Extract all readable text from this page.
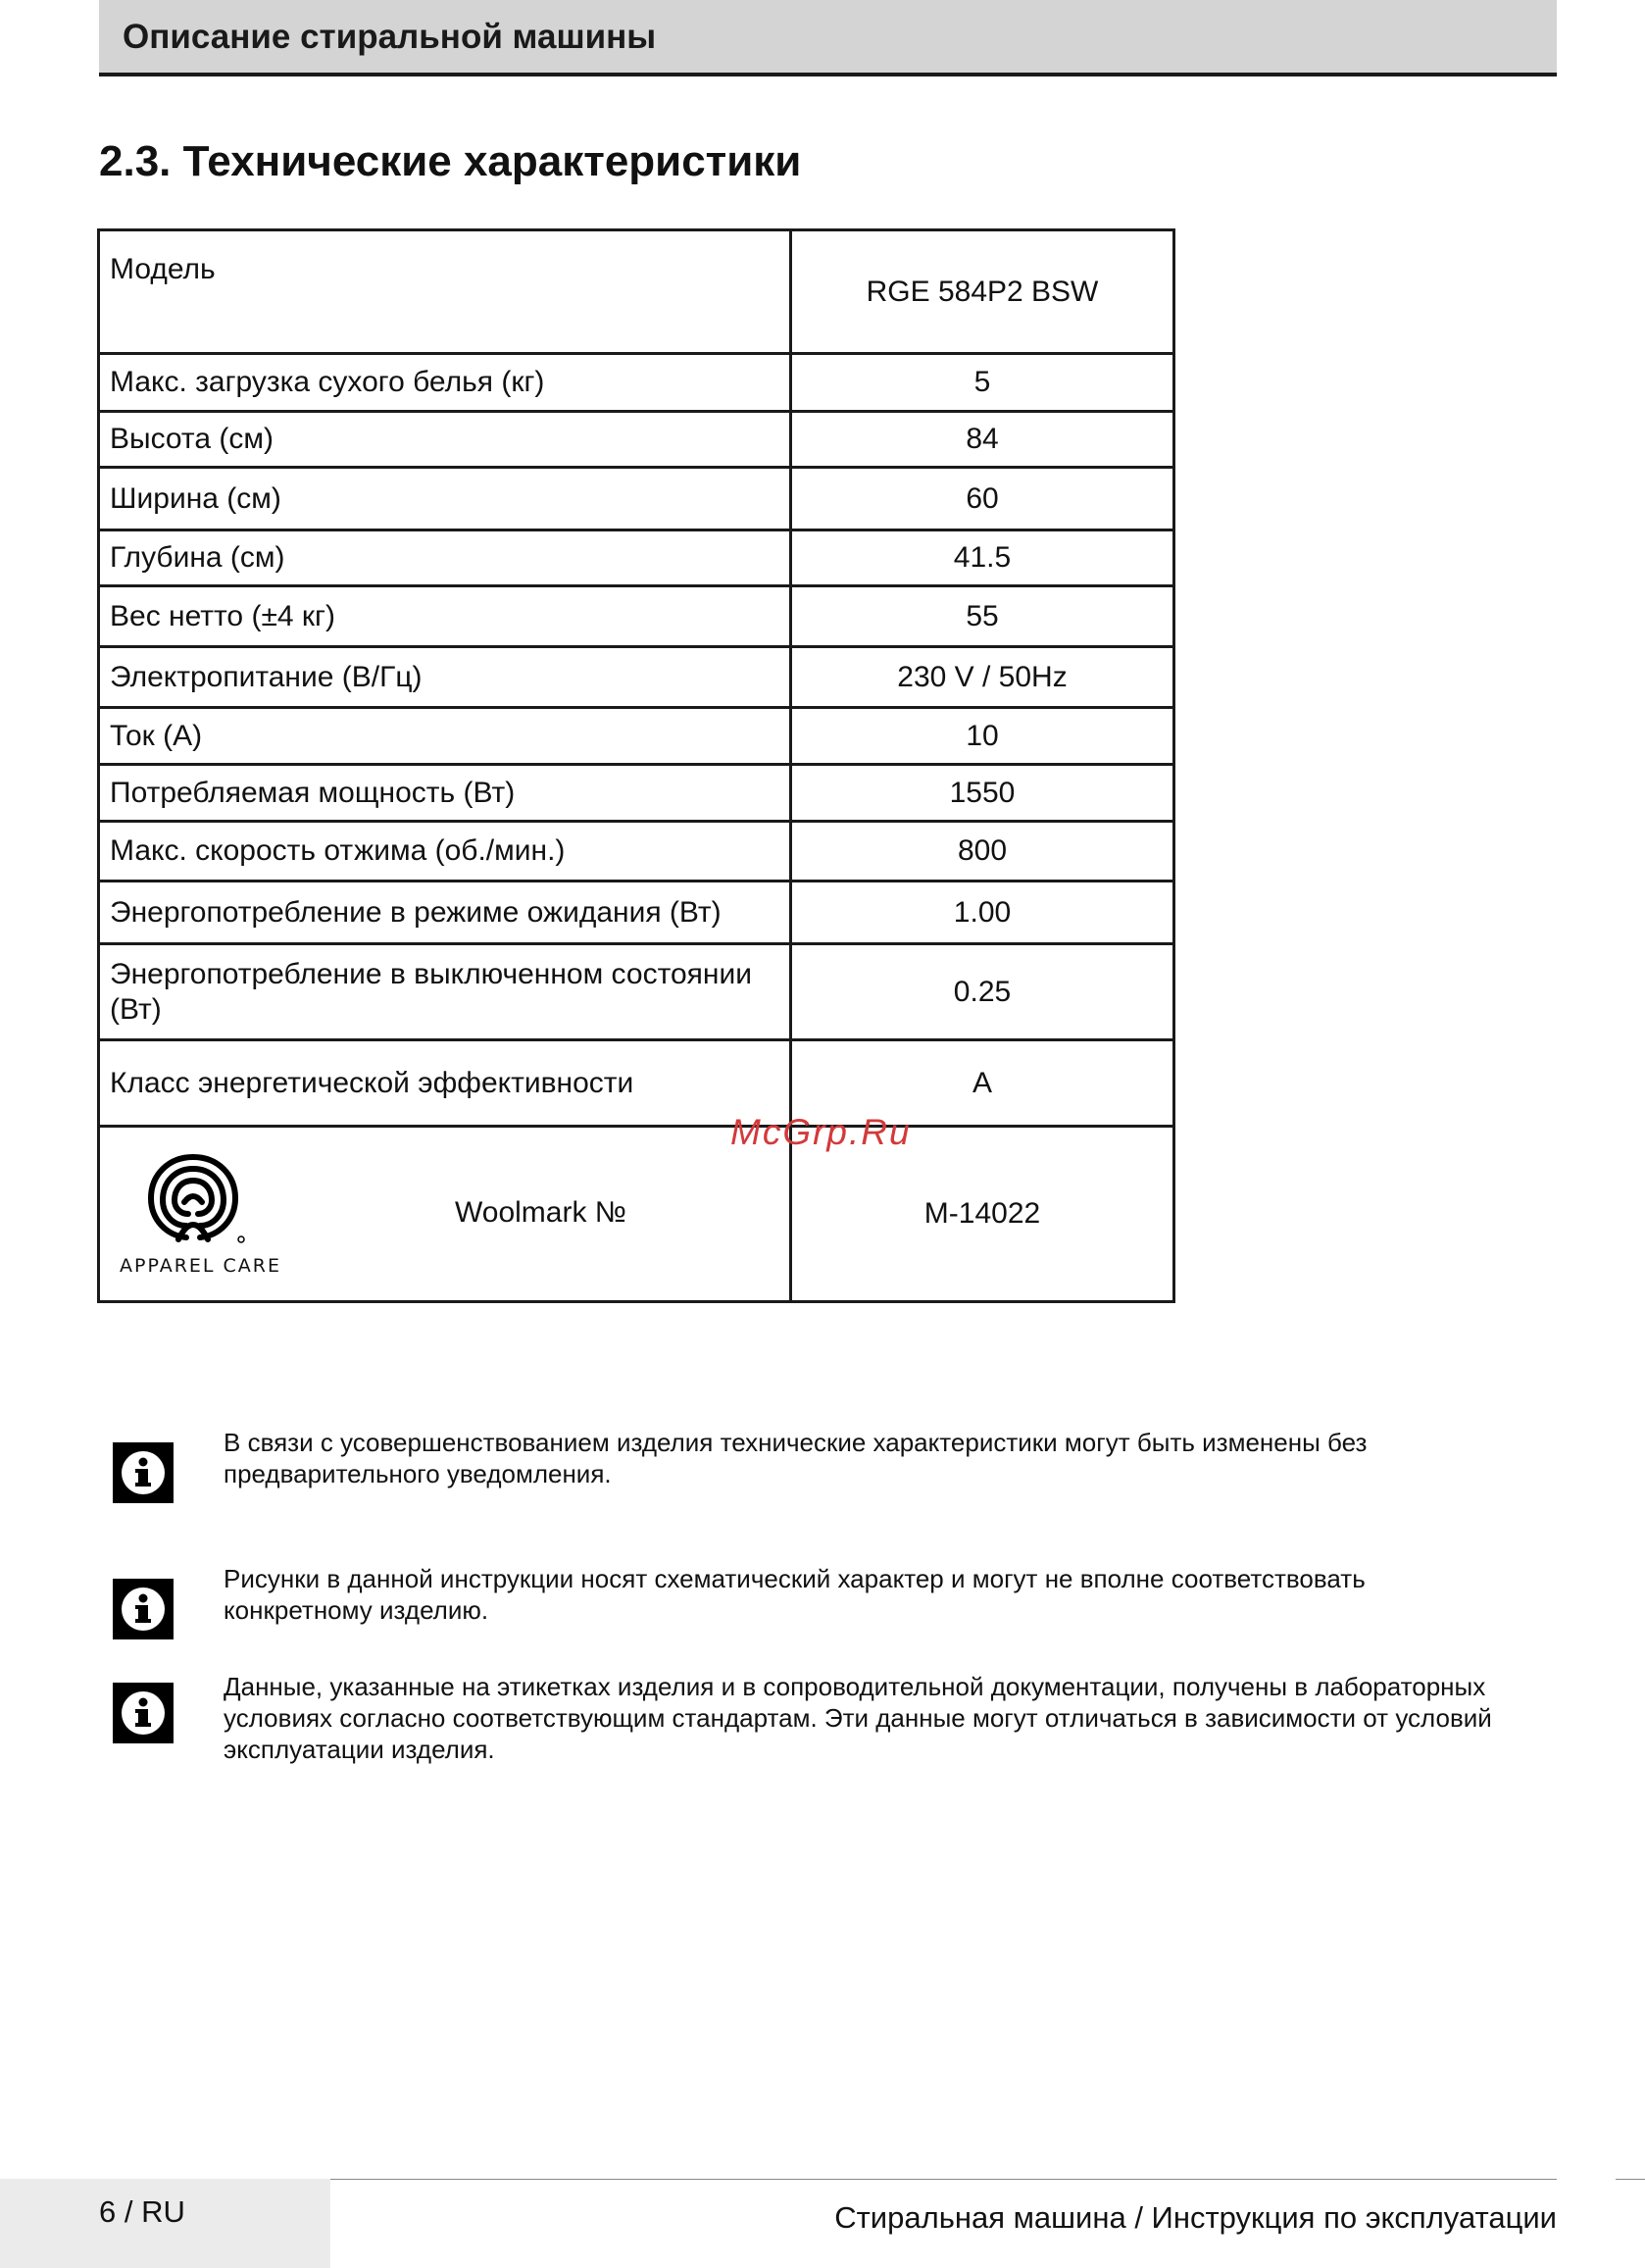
Описание стиральной машины
2.3. Технические характеристики
Модель	RGE 584P2 BSW
Макс. загрузка сухого белья (кг)	5
Высота (см)	84
Ширина (см)	60
Глубина (см)	41.5
Вес нетто (±4 кг)	55
Электропитание (В/Гц)	230 V / 50Hz
Ток (A)	10
Потребляемая мощность (Вт)	1550
Макс. скорость отжима (об./мин.)	800
Энергопотребление в режиме ожидания (Вт)	1.00
Энергопотребление в выключенном состоянии (Вт)	0.25
Класс энергетической эффективности	A

APPAREL CARE
Woolmark №	M-14022
McGrp.Ru
В связи с усовершенствованием изделия технические характеристики могут быть изменены без предварительного уведомления.
Рисунки в данной инструкции носят схематический характер и могут не вполне соответствовать конкретному изделию.
Данные, указанные на этикетках изделия и в сопроводительной документации, получены в лабораторных условиях согласно соответствующим стандартам. Эти данные могут отличаться в зависимости от условий эксплуатации изделия.
6 / RU	Стиральная машина / Инструкция по эксплуатации
